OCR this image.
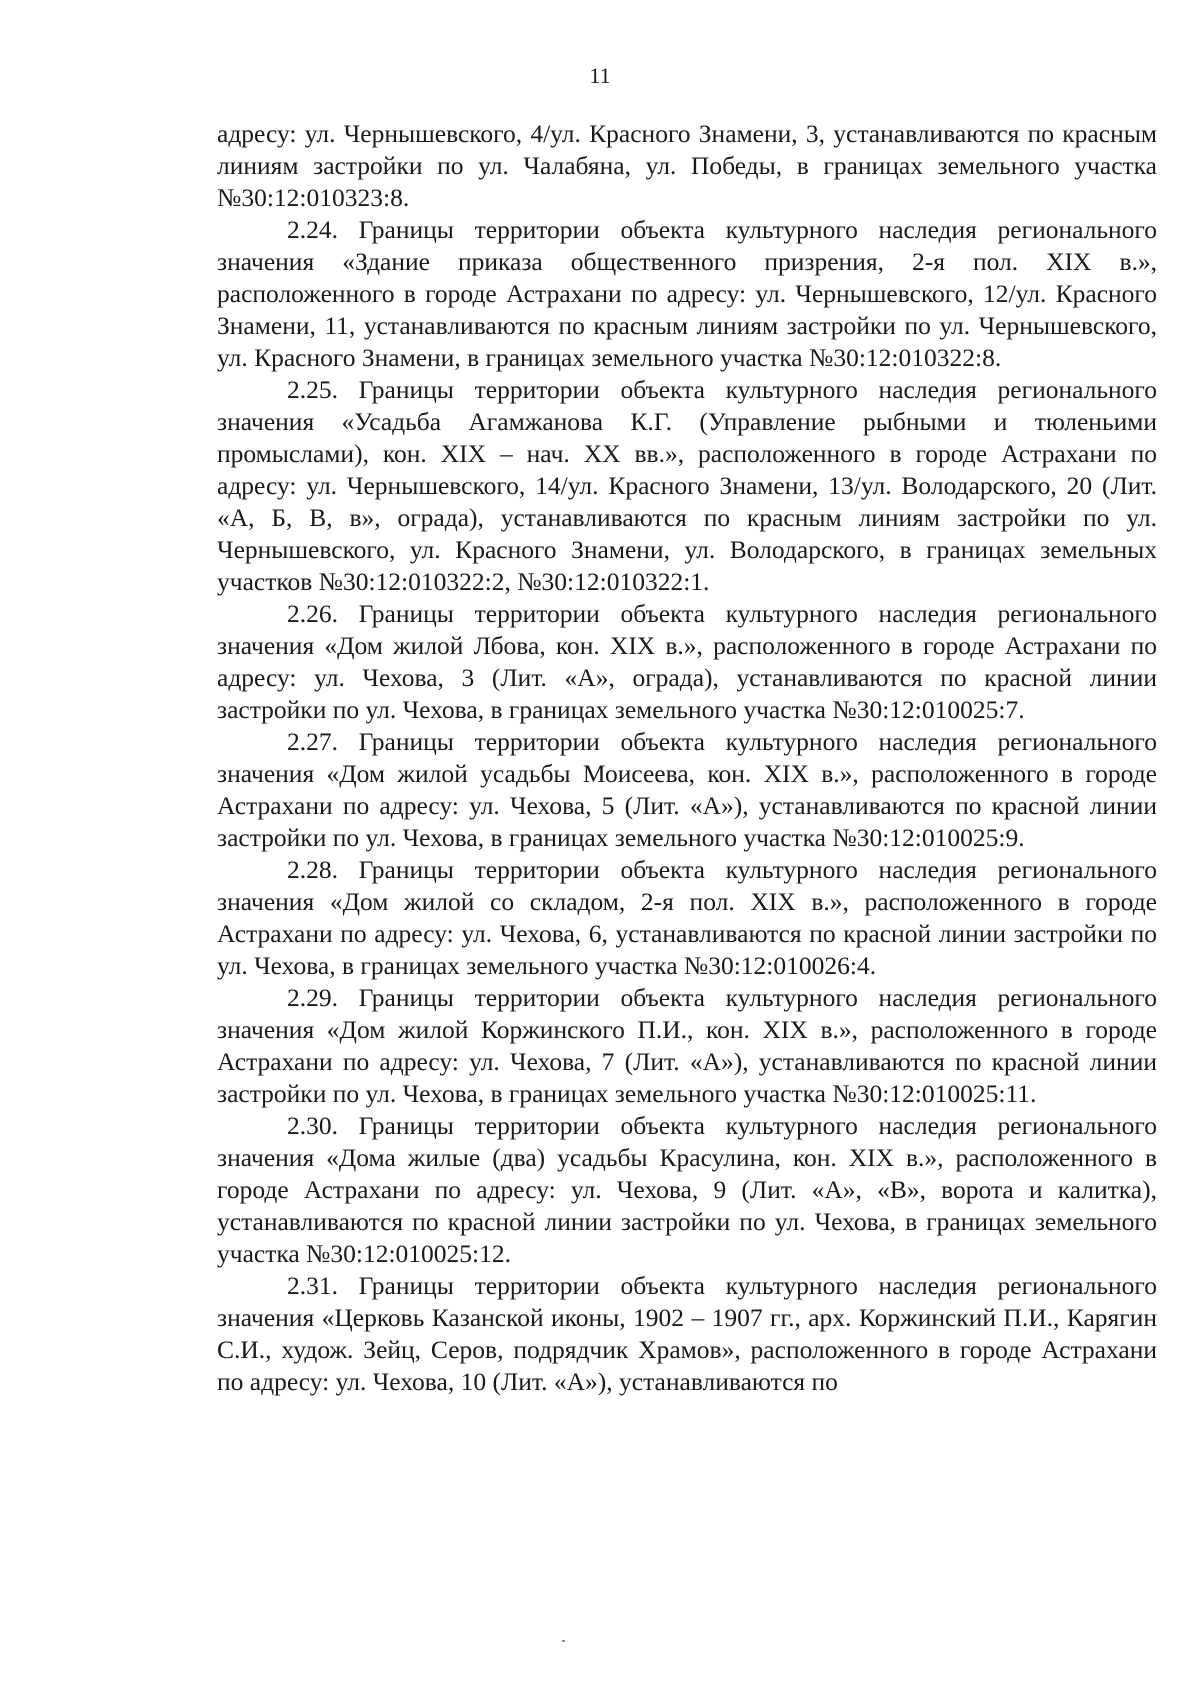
11

адресу: ул. Чернышевского, 4/ул. Красного Знамени, 3, устанавливаются по красным линиям застройки по ул. Чалабяна, ул. Победы, в границах земельного участка №30:12:010323:8.

2.24. Границы территории объекта культурного наследия регионального значения «Здание приказа общественного призрения, 2-я пол. XIX в.», расположенного в городе Астрахани по адресу: ул. Чернышевского, 12/ул. Красного Знамени, 11, устанавливаются по красным линиям застройки по ул. Чернышевского, ул. Красного Знамени, в границах земельного участка №30:12:010322:8.

2.25. Границы территории объекта культурного наследия регионального значения «Усадьба Агамжанова К.Г. (Управление рыбными и тюленьими промыслами), кон. XIX – нач. XX вв.», расположенного в городе Астрахани по адресу: ул. Чернышевского, 14/ул. Красного Знамени, 13/ул. Володарского, 20 (Лит. «А, Б, В, в», ограда), устанавливаются по красным линиям застройки по ул. Чернышевского, ул. Красного Знамени, ул. Володарского, в границах земельных участков №30:12:010322:2, №30:12:010322:1.

2.26. Границы территории объекта культурного наследия регионального значения «Дом жилой Лбова, кон. XIX в.», расположенного в городе Астрахани по адресу: ул. Чехова, 3 (Лит. «А», ограда), устанавливаются по красной линии застройки по ул. Чехова, в границах земельного участка №30:12:010025:7.

2.27. Границы территории объекта культурного наследия регионального значения «Дом жилой усадьбы Моисеева, кон. XIX в.», расположенного в городе Астрахани по адресу: ул. Чехова, 5 (Лит. «А»), устанавливаются по красной линии застройки по ул. Чехова, в границах земельного участка №30:12:010025:9.

2.28. Границы территории объекта культурного наследия регионального значения «Дом жилой со складом, 2-я пол. XIX в.», расположенного в городе Астрахани по адресу: ул. Чехова, 6, устанавливаются по красной линии застройки по ул. Чехова, в границах земельного участка №30:12:010026:4.

2.29. Границы территории объекта культурного наследия регионального значения «Дом жилой Коржинского П.И., кон. XIX в.», расположенного в городе Астрахани по адресу: ул. Чехова, 7 (Лит. «А»), устанавливаются по красной линии застройки по ул. Чехова, в границах земельного участка №30:12:010025:11.

2.30. Границы территории объекта культурного наследия регионального значения «Дома жилые (два) усадьбы Красулина, кон. XIX в.», расположенного в городе Астрахани по адресу: ул. Чехова, 9 (Лит. «А», «В», ворота и калитка), устанавливаются по красной линии застройки по ул. Чехова, в границах земельного участка №30:12:010025:12.

2.31. Границы территории объекта культурного наследия регионального значения «Церковь Казанской иконы, 1902 – 1907 гг., арх. Коржинский П.И., Карягин С.И., худож. Зейц, Серов, подрядчик Храмов», расположенного в городе Астрахани по адресу: ул. Чехова, 10 (Лит. «А»), устанавливаются по
